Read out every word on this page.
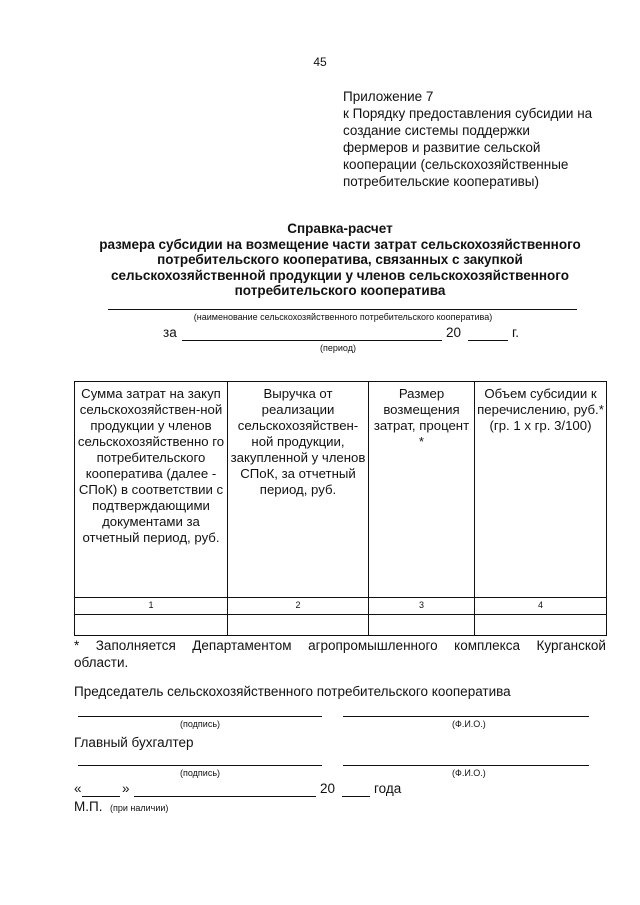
45
Приложение 7
к Порядку предоставления субсидии на
создание системы поддержки
фермеров и развитие сельской
кооперации (сельскохозяйственные
потребительские кооперативы)
Справка-расчет
размера субсидии на возмещение части затрат сельскохозяйственного
потребительского кооператива, связанных с закупкой
сельскохозяйственной продукции у членов сельскохозяйственного
потребительского кооператива
(наименование сельскохозяйственного потребительского кооператива)
за	20	г.
(период)
Сумма затрат на закуп сельскохозяйствен-ной продукции у членов сельскохозяйственно го потребительского кооператива (далее - СПоК) в соответствии с подтверждающими документами за отчетный период, руб.	Выручка от реализации сельскохозяйствен-ной продукции, закупленной у членов СПоК, за отчетный период, руб.	Размер возмещения затрат, процент *	Объем субсидии к перечислению, руб.* (гр. 1 х гр. 3/100)
1	2	3	4

* Заполняется Департаментом агропромышленного комплекса Курганской
области.
Председатель сельскохозяйственного потребительского кооператива
(подпись)	(Ф.И.О.)
Главный бухгалтер
(подпись)	(Ф.И.О.)
«	»	20	года
М.П. (при наличии)
